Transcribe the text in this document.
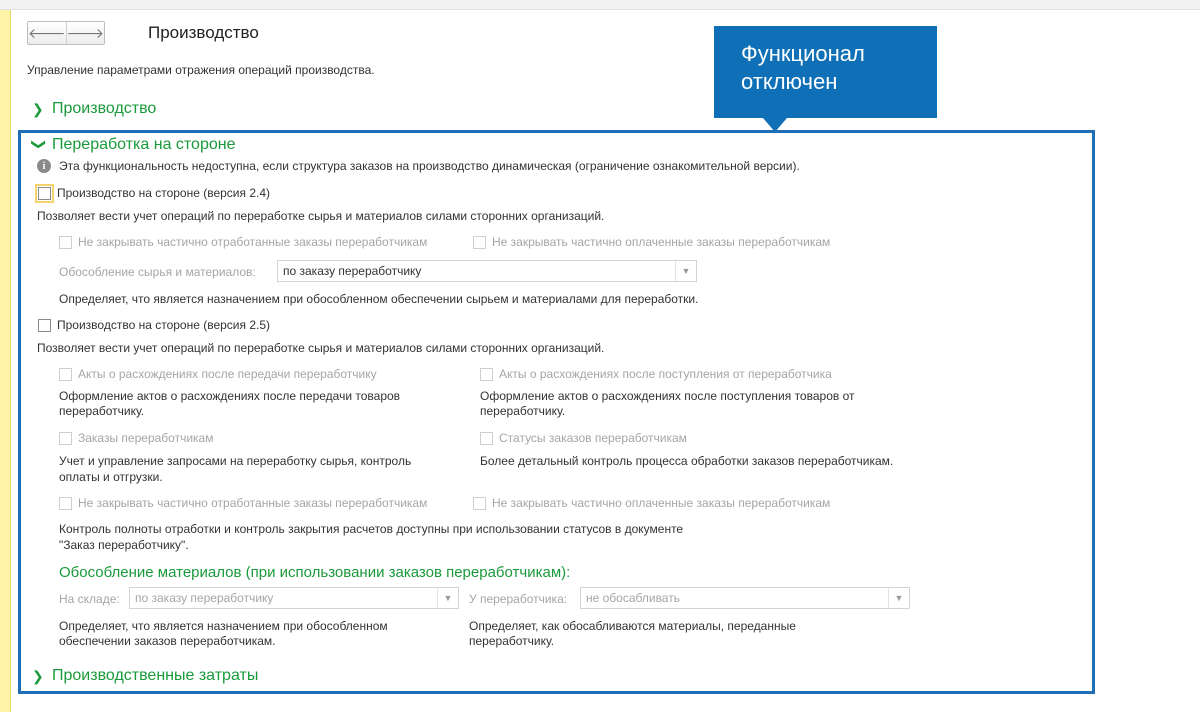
🡐 🡒	Производство
Управление параметрами отражения операций производства.
❯ Производство
Функционал
отключен
❯ Переработка на стороне
i	Эта функциональность недоступна, если структура заказов на производство динамическая (ограничение ознакомительной версии).
Производство на стороне (версия 2.4)
Позволяет вести учет операций по переработке сырья и материалов силами сторонних организаций.
Не закрывать частично отработанные заказы переработчикам	Не закрывать частично оплаченные заказы переработчикам
Обособление сырья и материалов:	по заказу переработчику	▼
Определяет, что является назначением при обособленном обеспечении сырьем и материалами для переработки.
Производство на стороне (версия 2.5)
Позволяет вести учет операций по переработке сырья и материалов силами сторонних организаций.
Акты о расхождениях после передачи переработчику	Акты о расхождениях после поступления от переработчика
Оформление актов о расхождениях после передачи товаров
переработчику.
Оформление актов о расхождениях после поступления товаров от
переработчику.
Заказы переработчикам	Статусы заказов переработчикам
Учет и управление запросами на переработку сырья, контроль
оплаты и отгрузки.
Более детальный контроль процесса обработки заказов переработчикам.
Не закрывать частично отработанные заказы переработчикам	Не закрывать частично оплаченные заказы переработчикам
Контроль полноты отработки и контроль закрытия расчетов доступны при использовании статусов в документе
"Заказ переработчику".
Обособление материалов (при использовании заказов переработчикам):
На складе:	по заказу переработчику	▼	У переработчика:	не обосабливать	▼
Определяет, что является назначением при обособленном
обеспечении заказов переработчикам.
Определяет, как обосабливаются материалы, переданные
переработчику.
❯ Производственные затраты
